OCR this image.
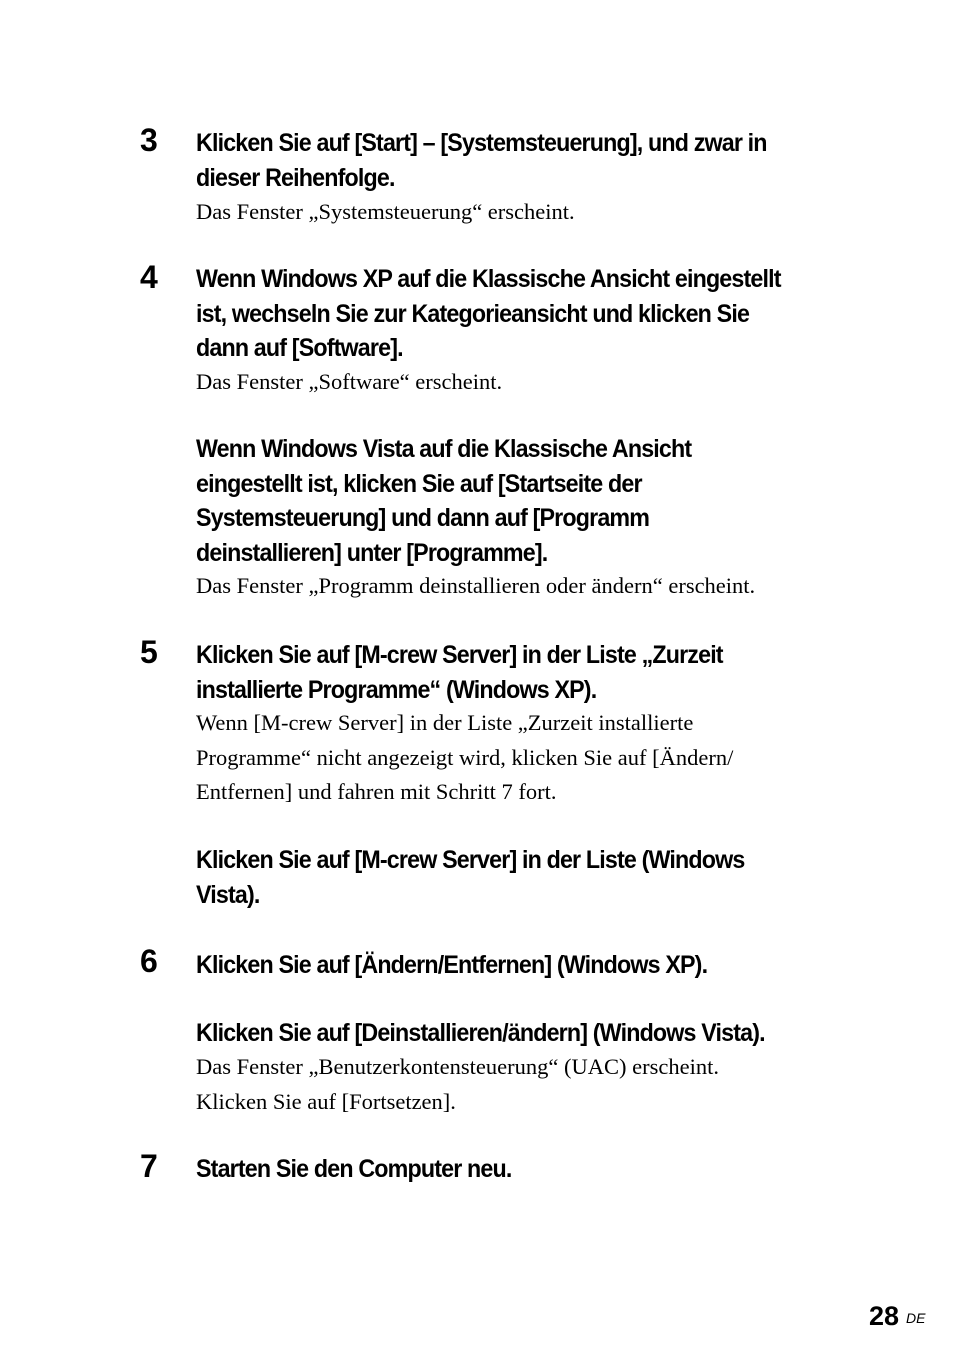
3	Klicken Sie auf [Start] – [Systemsteuerung], und zwar in
dieser Reihenfolge.
Das Fenster „Systemsteuerung“ erscheint.
4	Wenn Windows XP auf die Klassische Ansicht eingestellt
ist, wechseln Sie zur Kategorieansicht und klicken Sie
dann auf [Software].
Das Fenster „Software“ erscheint.
Wenn Windows Vista auf die Klassische Ansicht
eingestellt ist, klicken Sie auf [Startseite der
Systemsteuerung] und dann auf [Programm
deinstallieren] unter [Programme].
Das Fenster „Programm deinstallieren oder ändern“ erscheint.
5	Klicken Sie auf [M-crew Server] in der Liste „Zurzeit
installierte Programme“ (Windows XP).
Wenn [M-crew Server] in der Liste „Zurzeit installierte
Programme“ nicht angezeigt wird, klicken Sie auf [Ändern/
Entfernen] und fahren mit Schritt 7 fort.
Klicken Sie auf [M-crew Server] in der Liste (Windows
Vista).
6	Klicken Sie auf [Ändern/Entfernen] (Windows XP).
Klicken Sie auf [Deinstallieren/ändern] (Windows Vista).
Das Fenster „Benutzerkontensteuerung“ (UAC) erscheint.
Klicken Sie auf [Fortsetzen].
7	Starten Sie den Computer neu.
28 DE
